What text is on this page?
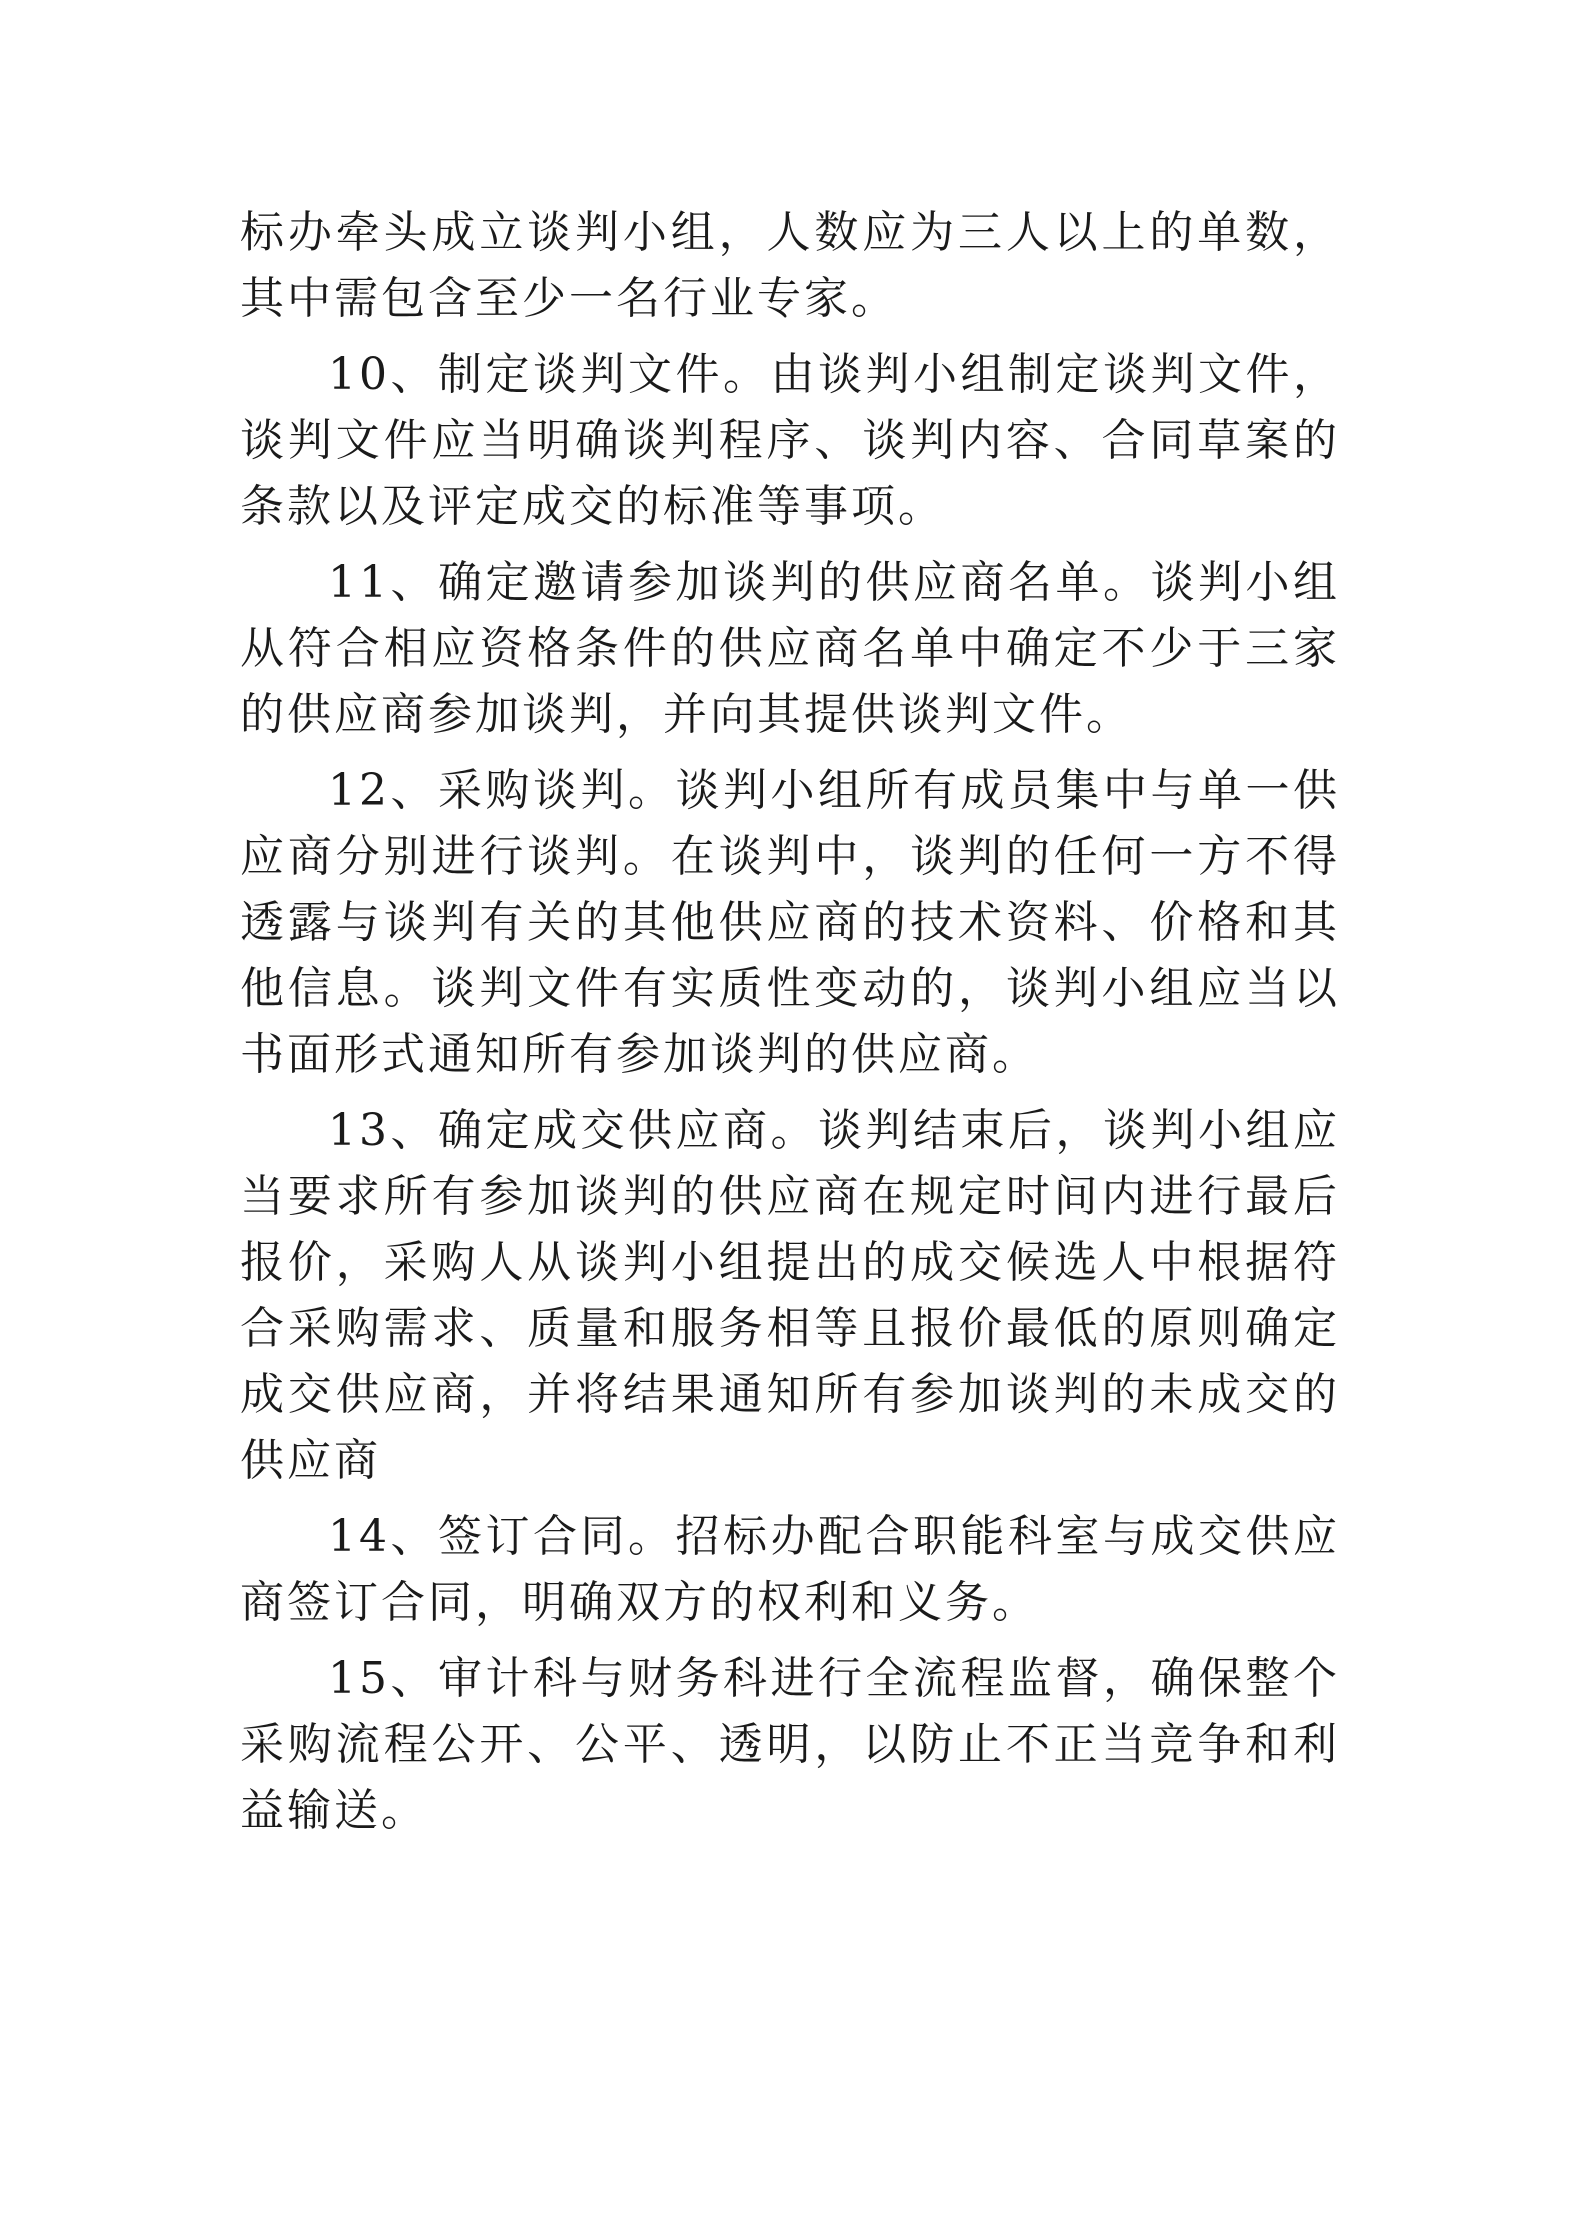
标办牵头成立谈判小组，人数应为三人以上的单数，其中需包含至少一名行业专家。

10、制定谈判文件。由谈判小组制定谈判文件，谈判文件应当明确谈判程序、谈判内容、合同草案的条款以及评定成交的标准等事项。

11、确定邀请参加谈判的供应商名单。谈判小组从符合相应资格条件的供应商名单中确定不少于三家的供应商参加谈判，并向其提供谈判文件。

12、采购谈判。谈判小组所有成员集中与单一供应商分别进行谈判。在谈判中，谈判的任何一方不得透露与谈判有关的其他供应商的技术资料、价格和其他信息。谈判文件有实质性变动的，谈判小组应当以书面形式通知所有参加谈判的供应商。

13、确定成交供应商。谈判结束后，谈判小组应当要求所有参加谈判的供应商在规定时间内进行最后报价，采购人从谈判小组提出的成交候选人中根据符合采购需求、质量和服务相等且报价最低的原则确定成交供应商，并将结果通知所有参加谈判的未成交的供应商

14、签订合同。招标办配合职能科室与成交供应商签订合同，明确双方的权利和义务。

15、审计科与财务科进行全流程监督，确保整个采购流程公开、公平、透明，以防止不正当竞争和利益输送。
